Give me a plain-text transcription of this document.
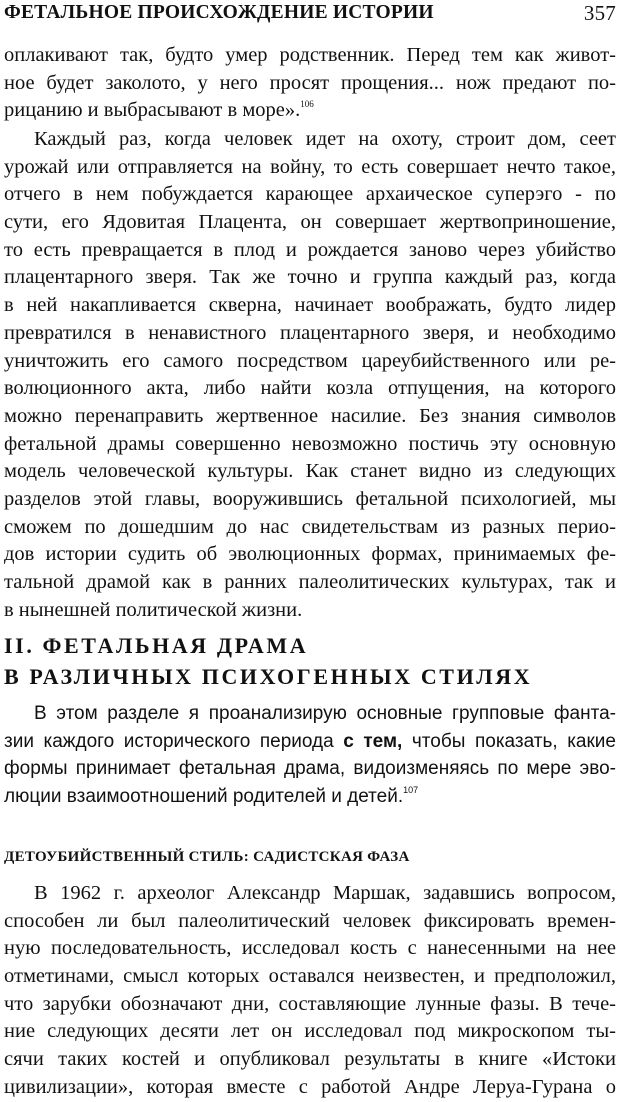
ФЕТАЛЬНОЕ ПРОИСХОЖДЕНИЕ ИСТОРИИ	357
оплакивают так, будто умер родственник. Перед тем как живот-
ное будет заколото, у него просят прощения... нож предают по-
рицанию и выбрасывают в море».$^{106}$
Каждый раз, когда человек идет на охоту, строит дом, сеет
урожай или отправляется на войну, то есть совершает нечто такое,
отчего в нем побуждается карающее архаическое суперэго - по
сути, его Ядовитая Плацента, он совершает жертвоприношение,
то есть превращается в плод и рождается заново через убийство
плацентарного зверя. Так же точно и группа каждый раз, когда
в ней накапливается скверна, начинает воображать, будто лидер
превратился в ненавистного плацентарного зверя, и необходимо
уничтожить его самого посредством цареубийственного или ре-
волюционного акта, либо найти козла отпущения, на которого
можно перенаправить жертвенное насилие. Без знания символов
фетальной драмы совершенно невозможно постичь эту основную
модель человеческой культуры. Как станет видно из следующих
разделов этой главы, вооружившись фетальной психологией, мы
сможем по дошедшим до нас свидетельствам из разных перио-
дов истории судить об эволюционных формах, принимаемых фе-
тальной драмой как в ранних палеолитических культурах, так и
в нынешней политической жизни.
II. ФЕТАЛЬНАЯ ДРАМА
В РАЗЛИЧНЫХ ПСИХОГЕННЫХ СТИЛЯХ
В этом разделе я проанализирую основные групповые фанта-
зии каждого исторического периода с тем, чтобы показать, какие
формы принимает фетальная драма, видоизменяясь по мере эво-
люции взаимоотношений родителей и детей.$^{107}$
ДЕТОУБИЙСТВЕННЫЙ СТИЛЬ: САДИСТСКАЯ ФАЗА
В 1962 г. археолог Александр Маршак, задавшись вопросом,
способен ли был палеолитический человек фиксировать времен-
ную последовательность, исследовал кость с нанесенными на нее
отметинами, смысл которых оставался неизвестен, и предположил,
что зарубки обозначают дни, составляющие лунные фазы. В тече-
ние следующих десяти лет он исследовал под микроскопом ты-
сячи таких костей и опубликовал результаты в книге «Истоки
цивилизации», которая вместе с работой Андре Леруа-Гурана о
